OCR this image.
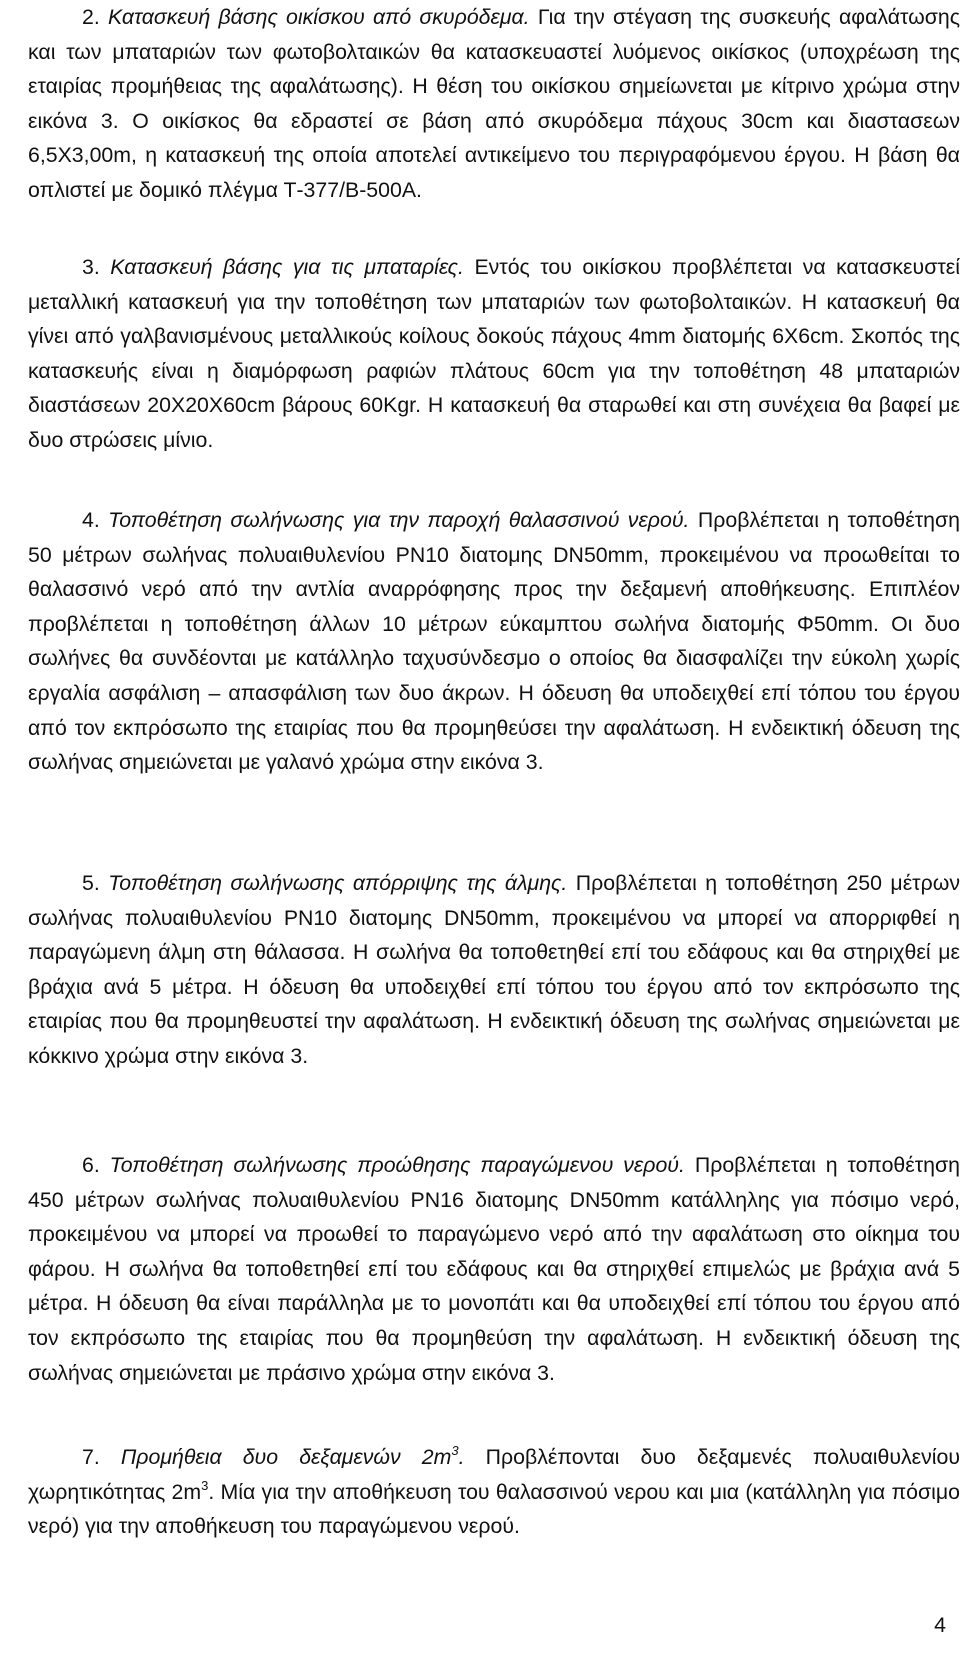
2. Κατασκευή βάσης οικίσκου από σκυρόδεμα. Για την στέγαση της συσκευής αφαλάτωσης και των μπαταριών των φωτοβολταικών θα κατασκευαστεί λυόμενος οικίσκος (υποχρέωση της εταιρίας προμήθειας της αφαλάτωσης). Η θέση του οικίσκου σημείωνεται με κίτρινο χρώμα στην εικόνα 3. Ο οικίσκος θα εδραστεί σε βάση από σκυρόδεμα πάχους 30cm και διαστασεων 6,5Χ3,00m, η κατασκευή της οποία αποτελεί αντικείμενο του περιγραφόμενου έργου. Η βάση θα οπλιστεί με δομικό πλέγμα Τ-377/Β-500Α.

3. Κατασκευή βάσης για τις μπαταρίες. Εντός του οικίσκου προβλέπεται να κατασκευστεί μεταλλική κατασκευή για την τοποθέτηση των μπαταριών των φωτοβολταικών. Η κατασκευή θα γίνει από γαλβανισμένους μεταλλικούς κοίλους δοκούς πάχους 4mm διατομής 6Χ6cm. Σκοπός της κατασκευής είναι η διαμόρφωση ραφιών πλάτους 60cm για την τοποθέτηση 48 μπαταριών διαστάσεων 20Χ20Χ60cm βάρους 60Kgr. Η κατασκευή θα σταρωθεί και στη συνέχεια θα βαφεί με δυο στρώσεις μίνιο.

4. Τοποθέτηση σωλήνωσης για την παροχή θαλασσινού νερού. Προβλέπεται η τοποθέτηση 50 μέτρων σωλήνας πολυαιθυλενίου ΡΝ10 διατομης DN50mm, προκειμένου να προωθείται το θαλασσινό νερό από την αντλία αναρρόφησης προς την δεξαμενή αποθήκευσης. Επιπλέον προβλέπεται η τοποθέτηση άλλων 10 μέτρων εύκαμπτου σωλήνα διατομής Φ50mm. Οι δυο σωλήνες θα συνδέονται με κατάλληλο ταχυσύνδεσμο ο οποίος θα διασφαλίζει την εύκολη χωρίς εργαλία ασφάλιση – απασφάλιση των δυο άκρων. Η όδευση θα υποδειχθεί επί τόπου του έργου από τον εκπρόσωπο της εταιρίας που θα προμηθεύσει την αφαλάτωση. Η ενδεικτική όδευση της σωλήνας σημειώνεται με γαλανό χρώμα στην εικόνα 3.

5. Τοποθέτηση σωλήνωσης απόρριψης της άλμης. Προβλέπεται η τοποθέτηση 250 μέτρων σωλήνας πολυαιθυλενίου ΡΝ10 διατομης DN50mm, προκειμένου να μπορεί να απορριφθεί η παραγώμενη άλμη στη θάλασσα. Η σωλήνα θα τοποθετηθεί επί του εδάφους και θα στηριχθεί με βράχια ανά 5 μέτρα. Η όδευση θα υποδειχθεί επί τόπου του έργου από τον εκπρόσωπο της εταιρίας που θα προμηθευστεί την αφαλάτωση. Η ενδεικτική όδευση της σωλήνας σημειώνεται με κόκκινο χρώμα στην εικόνα 3.

6. Τοποθέτηση σωλήνωσης προώθησης παραγώμενου νερού. Προβλέπεται η τοποθέτηση 450 μέτρων σωλήνας πολυαιθυλενίου ΡΝ16 διατομης DN50mm κατάλληλης για πόσιμο νερό, προκειμένου να μπορεί να προωθεί το παραγώμενο νερό από την αφαλάτωση στο οίκημα του φάρου. Η σωλήνα θα τοποθετηθεί επί του εδάφους και θα στηριχθεί επιμελώς με βράχια ανά 5 μέτρα. Η όδευση θα είναι παράλληλα με το μονοπάτι και θα υποδειχθεί επί τόπου του έργου από τον εκπρόσωπο της εταιρίας που θα προμηθεύση την αφαλάτωση. Η ενδεικτική όδευση της σωλήνας σημειώνεται με πράσινο χρώμα στην εικόνα 3.

7. Προμήθεια δυο δεξαμενών $2m^3$. Προβλέπονται δυο δεξαμενές πολυαιθυλενίου χωρητικότητας $2m^3$. Μία για την αποθήκευση του θαλασσινού νερου και μια (κατάλληλη για πόσιμο νερό) για την αποθήκευση του παραγώμενου νερού.

4
